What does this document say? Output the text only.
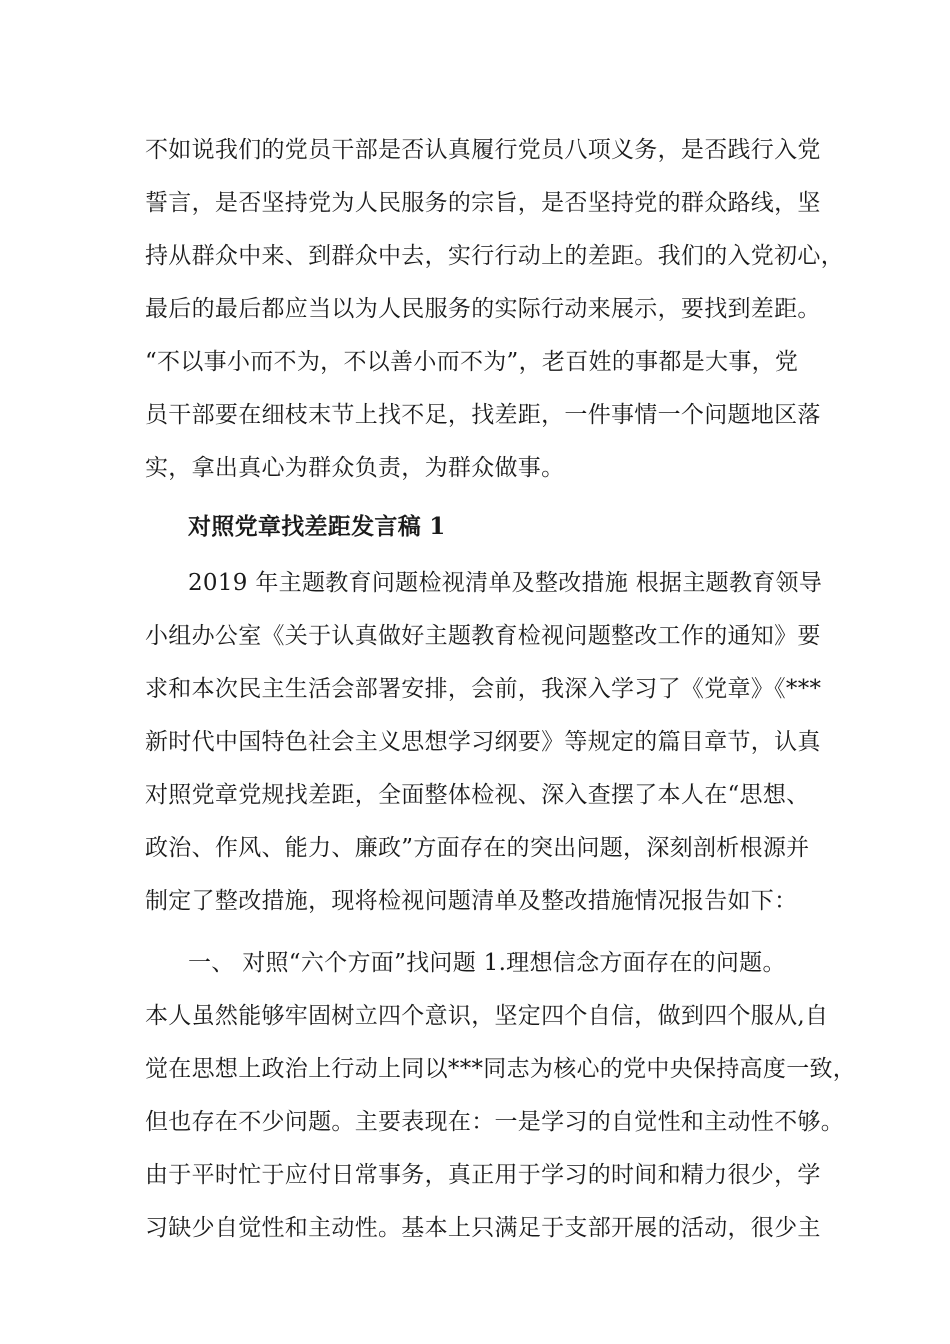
不如说我们的党员干部是否认真履行党员八项义务，是否践行入党
誓言，是否坚持党为人民服务的宗旨，是否坚持党的群众路线，坚
持从群众中来、到群众中去，实行行动上的差距。我们的入党初心，
最后的最后都应当以为人民服务的实际行动来展示，要找到差距。
“不以事小而不为，不以善小而不为”，老百姓的事都是大事，党
员干部要在细枝末节上找不足，找差距，一件事情一个问题地区落
实，拿出真心为群众负责，为群众做事。
对照党章找差距发言稿 1
2019 年主题教育问题检视清单及整改措施 根据主题教育领导
小组办公室《关于认真做好主题教育检视问题整改工作的通知》要
求和本次民主生活会部署安排，会前，我深入学习了《党章》《***
新时代中国特色社会主义思想学习纲要》等规定的篇目章节，认真
对照党章党规找差距，全面整体检视、深入查摆了本人在“思想、
政治、作风、能力、廉政”方面存在的突出问题，深刻剖析根源并
制定了整改措施，现将检视问题清单及整改措施情况报告如下：
一、 对照“六个方面”找问题 1.理想信念方面存在的问题。
本人虽然能够牢固树立四个意识，坚定四个自信，做到四个服从,自
觉在思想上政治上行动上同以***同志为核心的党中央保持高度一致，
但也存在不少问题。主要表现在：一是学习的自觉性和主动性不够。
由于平时忙于应付日常事务，真正用于学习的时间和精力很少，学
习缺少自觉性和主动性。基本上只满足于支部开展的活动，很少主
